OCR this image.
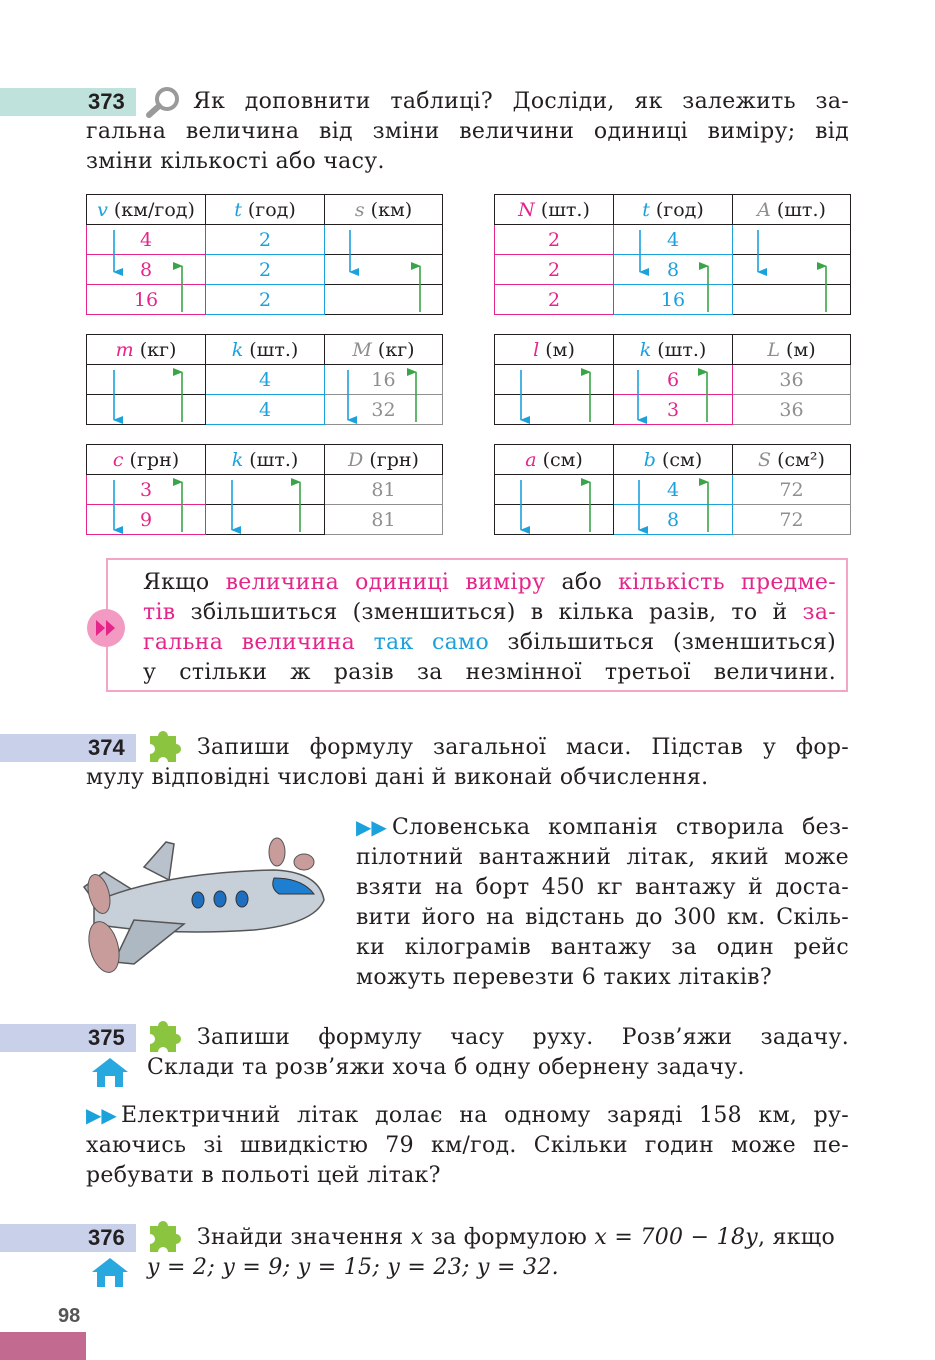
373	Як доповнити таблиці? Досліди, як залежить за-
гальна величина від зміни величини одиниці виміру; від
зміни кількості або часу.
v (км/год)	t (год)	s (км)
4	2	
8	2	
16	2	
N (шт.)	t (год)	A (шт.)
2	4	
2	8	
2	16	
m (кг)	k (шт.)	M (кг)
	4	16
	4	32
l (м)	k (шт.)	L (м)
	6	36
	3	36
c (грн)	k (шт.)	D (грн)
3		81
9		81
a (см)	b (см)	S (см²)
	4	72
	8	72
Якщо величина одиниці виміру або кількість предме-
тів збільшиться (зменшиться) в кілька разів, то й за-
гальна величина так само збільшиться (зменшиться)
у стільки ж разів за незмінної третьої величини.
374	Запиши формулу загальної маси. Підстав у фор-
мулу відповідні числові дані й виконай обчислення.
▶▶ Словенська компанія створила без-
пілотний вантажний літак, який може
взяти на борт 450 кг вантажу й доста-
вити його на відстань до 300 км. Скіль-
ки кілограмів вантажу за один рейс
можуть перевезти 6 таких літаків?
375	Запиши формулу часу руху. Розв’яжи задачу.
Склади та розв’яжи хоча б одну обернену задачу.
▶▶ Електричний літак долає на одному заряді 158 км, ру-
хаючись зі швидкістю 79 км/год. Скільки годин може пе-
ребувати в польоті цей літак?
376	Знайди значення x за формулою x = 700 − 18y, якщо
y = 2; y = 9; y = 15; y = 23; y = 32.
98
